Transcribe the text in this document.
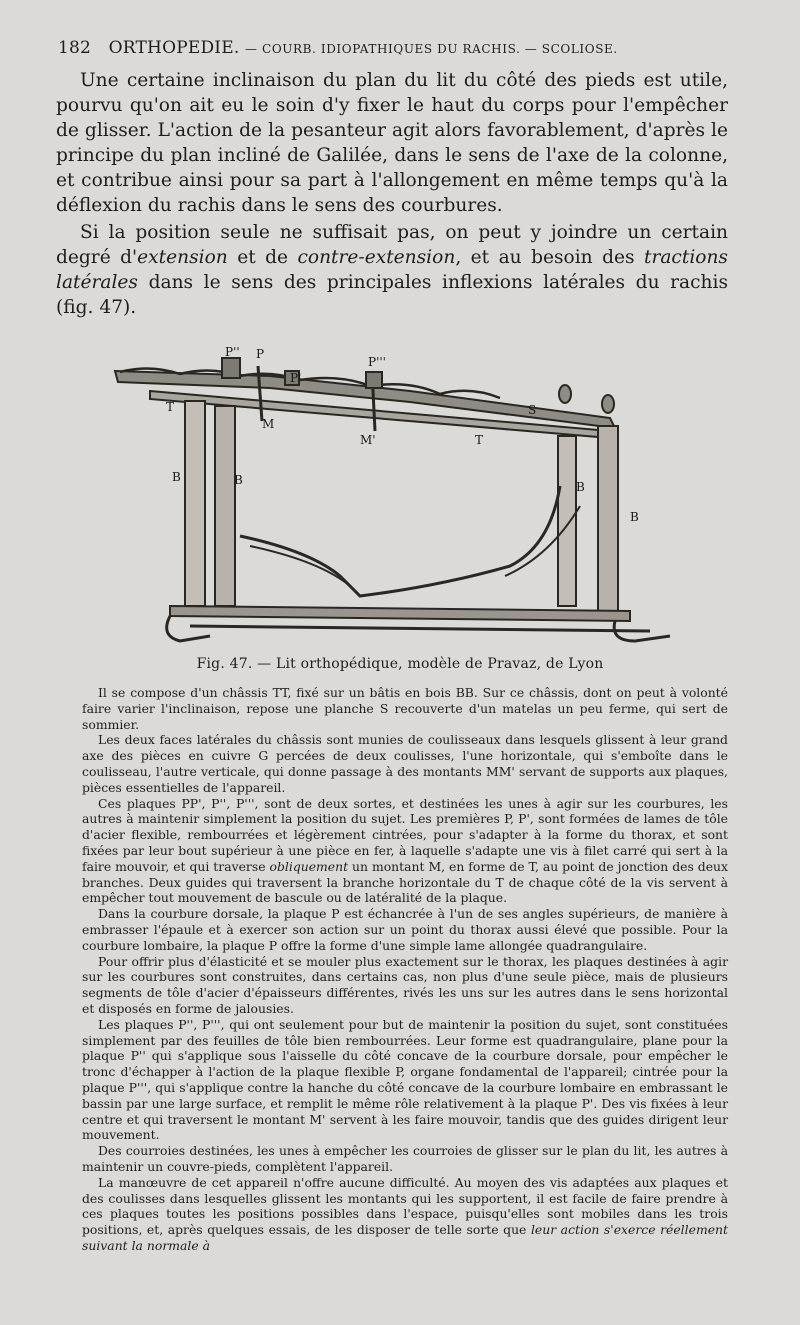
182 ORTHOPEDIE. — COURB. IDIOPATHIQUES DU RACHIS. — SCOLIOSE.

Une certaine inclinaison du plan du lit du côté des pieds est utile, pourvu qu'on ait eu le soin d'y fixer le haut du corps pour l'empêcher de glisser. L'action de la pesanteur agit alors favorablement, d'après le principe du plan incliné de Galilée, dans le sens de l'axe de la colonne, et contribue ainsi pour sa part à l'allongement en même temps qu'à la déflexion du rachis dans le sens des courbures.

Si la position seule ne suffisait pas, on peut y joindre un certain degré d'extension et de contre-extension, et au besoin des tractions latérales dans le sens des principales inflexions latérales du rachis (fig. 47).

P'' P
P'
P'''
T
T
M
M'
S
B	B	B
B
Fig. 47. — Lit orthopédique, modèle de Pravaz, de Lyon

Il se compose d'un châssis TT, fixé sur un bâtis en bois BB. Sur ce châssis, dont on peut à volonté faire varier l'inclinaison, repose une planche S recouverte d'un matelas un peu ferme, qui sert de sommier.

Les deux faces latérales du châssis sont munies de coulisseaux dans lesquels glissent à leur grand axe des pièces en cuivre G percées de deux coulisses, l'une horizontale, qui s'emboîte dans le coulisseau, l'autre verticale, qui donne passage à des montants MM' servant de supports aux plaques, pièces essentielles de l'appareil.

Ces plaques PP', P'', P''', sont de deux sortes, et destinées les unes à agir sur les courbures, les autres à maintenir simplement la position du sujet. Les premières P, P', sont formées de lames de tôle d'acier flexible, rembourrées et légèrement cintrées, pour s'adapter à la forme du thorax, et sont fixées par leur bout supérieur à une pièce en fer, à laquelle s'adapte une vis à filet carré qui sert à la faire mouvoir, et qui traverse obliquement un montant M, en forme de T, au point de jonction des deux branches. Deux guides qui traversent la branche horizontale du T de chaque côté de la vis servent à empêcher tout mouvement de bascule ou de latéralité de la plaque.

Dans la courbure dorsale, la plaque P est échancrée à l'un de ses angles supérieurs, de manière à embrasser l'épaule et à exercer son action sur un point du thorax aussi élevé que possible. Pour la courbure lombaire, la plaque P offre la forme d'une simple lame allongée quadrangulaire.

Pour offrir plus d'élasticité et se mouler plus exactement sur le thorax, les plaques destinées à agir sur les courbures sont construites, dans certains cas, non plus d'une seule pièce, mais de plusieurs segments de tôle d'acier d'épaisseurs différentes, rivés les uns sur les autres dans le sens horizontal et disposés en forme de jalousies.

Les plaques P'', P''', qui ont seulement pour but de maintenir la position du sujet, sont constituées simplement par des feuilles de tôle bien rembourrées. Leur forme est quadrangulaire, plane pour la plaque P'' qui s'applique sous l'aisselle du côté concave de la courbure dorsale, pour empêcher le tronc d'échapper à l'action de la plaque flexible P, organe fondamental de l'appareil; cintrée pour la plaque P''', qui s'applique contre la hanche du côté concave de la courbure lombaire en embrassant le bassin par une large surface, et remplit le même rôle relativement à la plaque P'. Des vis fixées à leur centre et qui traversent le montant M' servent à les faire mouvoir, tandis que des guides dirigent leur mouvement.

Des courroies destinées, les unes à empêcher les courroies de glisser sur le plan du lit, les autres à maintenir un couvre-pieds, complètent l'appareil.

La manœuvre de cet appareil n'offre aucune difficulté. Au moyen des vis adaptées aux plaques et des coulisses dans lesquelles glissent les montants qui les supportent, il est facile de faire prendre à ces plaques toutes les positions possibles dans l'espace, puisqu'elles sont mobiles dans les trois positions, et, après quelques essais, de les disposer de telle sorte que leur action s'exerce réellement suivant la normale à
